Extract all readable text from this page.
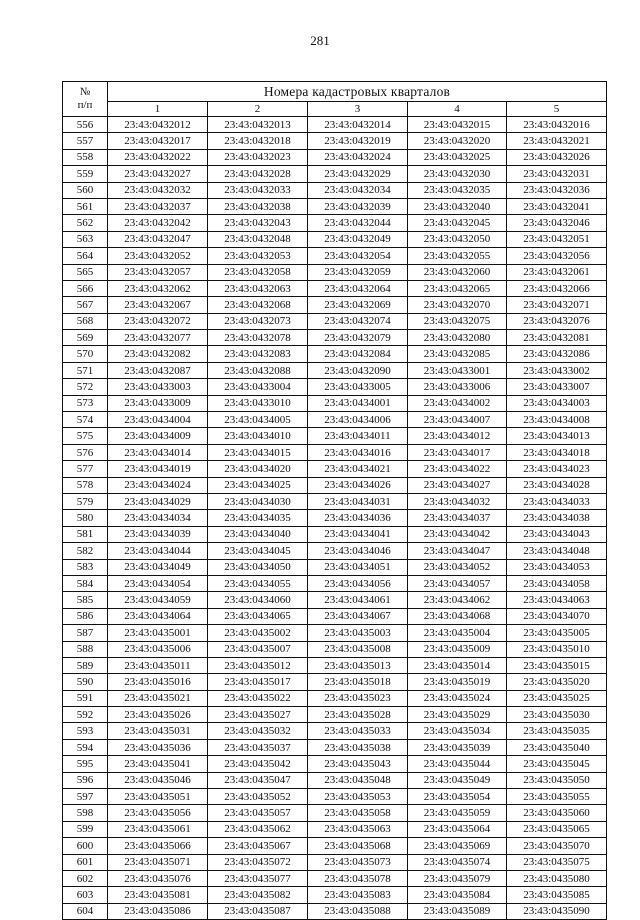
281
№
п/п	Номера кадастровых кварталов				
	1	2	3	4	5
556	23:43:0432012	23:43:0432013	23:43:0432014	23:43:0432015	23:43:0432016
557	23:43:0432017	23:43:0432018	23:43:0432019	23:43:0432020	23:43:0432021
558	23:43:0432022	23:43:0432023	23:43:0432024	23:43:0432025	23:43:0432026
559	23:43:0432027	23:43:0432028	23:43:0432029	23:43:0432030	23:43:0432031
560	23:43:0432032	23:43:0432033	23:43:0432034	23:43:0432035	23:43:0432036
561	23:43:0432037	23:43:0432038	23:43:0432039	23:43:0432040	23:43:0432041
562	23:43:0432042	23:43:0432043	23:43:0432044	23:43:0432045	23:43:0432046
563	23:43:0432047	23:43:0432048	23:43:0432049	23:43:0432050	23:43:0432051
564	23:43:0432052	23:43:0432053	23:43:0432054	23:43:0432055	23:43:0432056
565	23:43:0432057	23:43:0432058	23:43:0432059	23:43:0432060	23:43:0432061
566	23:43:0432062	23:43:0432063	23:43:0432064	23:43:0432065	23:43:0432066
567	23:43:0432067	23:43:0432068	23:43:0432069	23:43:0432070	23:43:0432071
568	23:43:0432072	23:43:0432073	23:43:0432074	23:43:0432075	23:43:0432076
569	23:43:0432077	23:43:0432078	23:43:0432079	23:43:0432080	23:43:0432081
570	23:43:0432082	23:43:0432083	23:43:0432084	23:43:0432085	23:43:0432086
571	23:43:0432087	23:43:0432088	23:43:0432090	23:43:0433001	23:43:0433002
572	23:43:0433003	23:43:0433004	23:43:0433005	23:43:0433006	23:43:0433007
573	23:43:0433009	23:43:0433010	23:43:0434001	23:43:0434002	23:43:0434003
574	23:43:0434004	23:43:0434005	23:43:0434006	23:43:0434007	23:43:0434008
575	23:43:0434009	23:43:0434010	23:43:0434011	23:43:0434012	23:43:0434013
576	23:43:0434014	23:43:0434015	23:43:0434016	23:43:0434017	23:43:0434018
577	23:43:0434019	23:43:0434020	23:43:0434021	23:43:0434022	23:43:0434023
578	23:43:0434024	23:43:0434025	23:43:0434026	23:43:0434027	23:43:0434028
579	23:43:0434029	23:43:0434030	23:43:0434031	23:43:0434032	23:43:0434033
580	23:43:0434034	23:43:0434035	23:43:0434036	23:43:0434037	23:43:0434038
581	23:43:0434039	23:43:0434040	23:43:0434041	23:43:0434042	23:43:0434043
582	23:43:0434044	23:43:0434045	23:43:0434046	23:43:0434047	23:43:0434048
583	23:43:0434049	23:43:0434050	23:43:0434051	23:43:0434052	23:43:0434053
584	23:43:0434054	23:43:0434055	23:43:0434056	23:43:0434057	23:43:0434058
585	23:43:0434059	23:43:0434060	23:43:0434061	23:43:0434062	23:43:0434063
586	23:43:0434064	23:43:0434065	23:43:0434067	23:43:0434068	23:43:0434070
587	23:43:0435001	23:43:0435002	23:43:0435003	23:43:0435004	23:43:0435005
588	23:43:0435006	23:43:0435007	23:43:0435008	23:43:0435009	23:43:0435010
589	23:43:0435011	23:43:0435012	23:43:0435013	23:43:0435014	23:43:0435015
590	23:43:0435016	23:43:0435017	23:43:0435018	23:43:0435019	23:43:0435020
591	23:43:0435021	23:43:0435022	23:43:0435023	23:43:0435024	23:43:0435025
592	23:43:0435026	23:43:0435027	23:43:0435028	23:43:0435029	23:43:0435030
593	23:43:0435031	23:43:0435032	23:43:0435033	23:43:0435034	23:43:0435035
594	23:43:0435036	23:43:0435037	23:43:0435038	23:43:0435039	23:43:0435040
595	23:43:0435041	23:43:0435042	23:43:0435043	23:43:0435044	23:43:0435045
596	23:43:0435046	23:43:0435047	23:43:0435048	23:43:0435049	23:43:0435050
597	23:43:0435051	23:43:0435052	23:43:0435053	23:43:0435054	23:43:0435055
598	23:43:0435056	23:43:0435057	23:43:0435058	23:43:0435059	23:43:0435060
599	23:43:0435061	23:43:0435062	23:43:0435063	23:43:0435064	23:43:0435065
600	23:43:0435066	23:43:0435067	23:43:0435068	23:43:0435069	23:43:0435070
601	23:43:0435071	23:43:0435072	23:43:0435073	23:43:0435074	23:43:0435075
602	23:43:0435076	23:43:0435077	23:43:0435078	23:43:0435079	23:43:0435080
603	23:43:0435081	23:43:0435082	23:43:0435083	23:43:0435084	23:43:0435085
604	23:43:0435086	23:43:0435087	23:43:0435088	23:43:0435089	23:43:0435090
